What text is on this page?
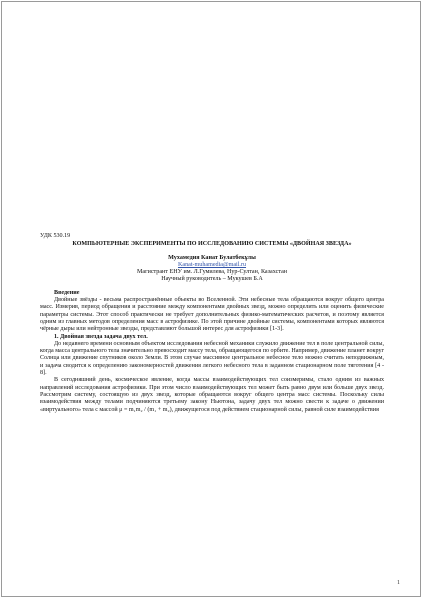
УДК 530.19
КОМПЬЮТЕРНЫЕ ЭКСПЕРИМЕНТЫ ПО ИССЛЕДОВАНИЮ СИСТЕМЫ «ДВОЙНАЯ ЗВЕЗДА»
Мухамедия Канат Булатбекұлы
Kanat-muhamedia@mail.ru
Магистрант ЕНУ им. Л.Гумилева, Нур-Султан, Казахстан
Научный руководитель – Мукушев Б.А
Введение

Двойные звёзды - весьма распространённые объекты во Вселенной. Эти небесные тела обращаются вокруг общего центра масс. Измерив, период обращения и расстояние между компонентами двойных звезд, можно определить или оценить физические параметры системы. Этот способ практически не требует дополнительных физико-математических расчетов, и поэтому является одним из главных методов определения масс в астрофизике. По этой причине двойные системы, компонентами которых являются чёрные дыры или нейтронные звезды, представляют большой интерес для астрофизики [1-3].

1. Двойная звезда задача двух тел.

До недавнего времени основным объектом исследования небесной механики служило движение тел в поле центральной силы, когда масса центрального тела значительно превосходит массу тела, обращающегося по орбите. Например, движение планет вокруг Солнца или движение спутников около Земли. В этом случае массивное центральное небесное тело можно считать неподвижным, и задача сводится к определению закономерностей движения легкого небесного тела в заданном стационарном поле тяготения [4 - 8].

В сегодняшний день, космическое явление, когда массы взаимодействующих тел соизмеримы, стало одним из важных направлений исследования астрофизики. При этом число взаимодействующих тел может быть равно двум или больше двух звезд. Рассмотрим систему, состоящую из двух звезд, которые обращаются вокруг общего центра масс системы. Поскольку силы взаимодействия между телами подчиняются третьему закону Ньютона, задачу двух тел можно свести к задаче о движении «виртуального» тела с массой μ = m₁m₂ / (m₁ + m₂), движущегося под действием стационарной силы, равной силе взаимодействия

1
